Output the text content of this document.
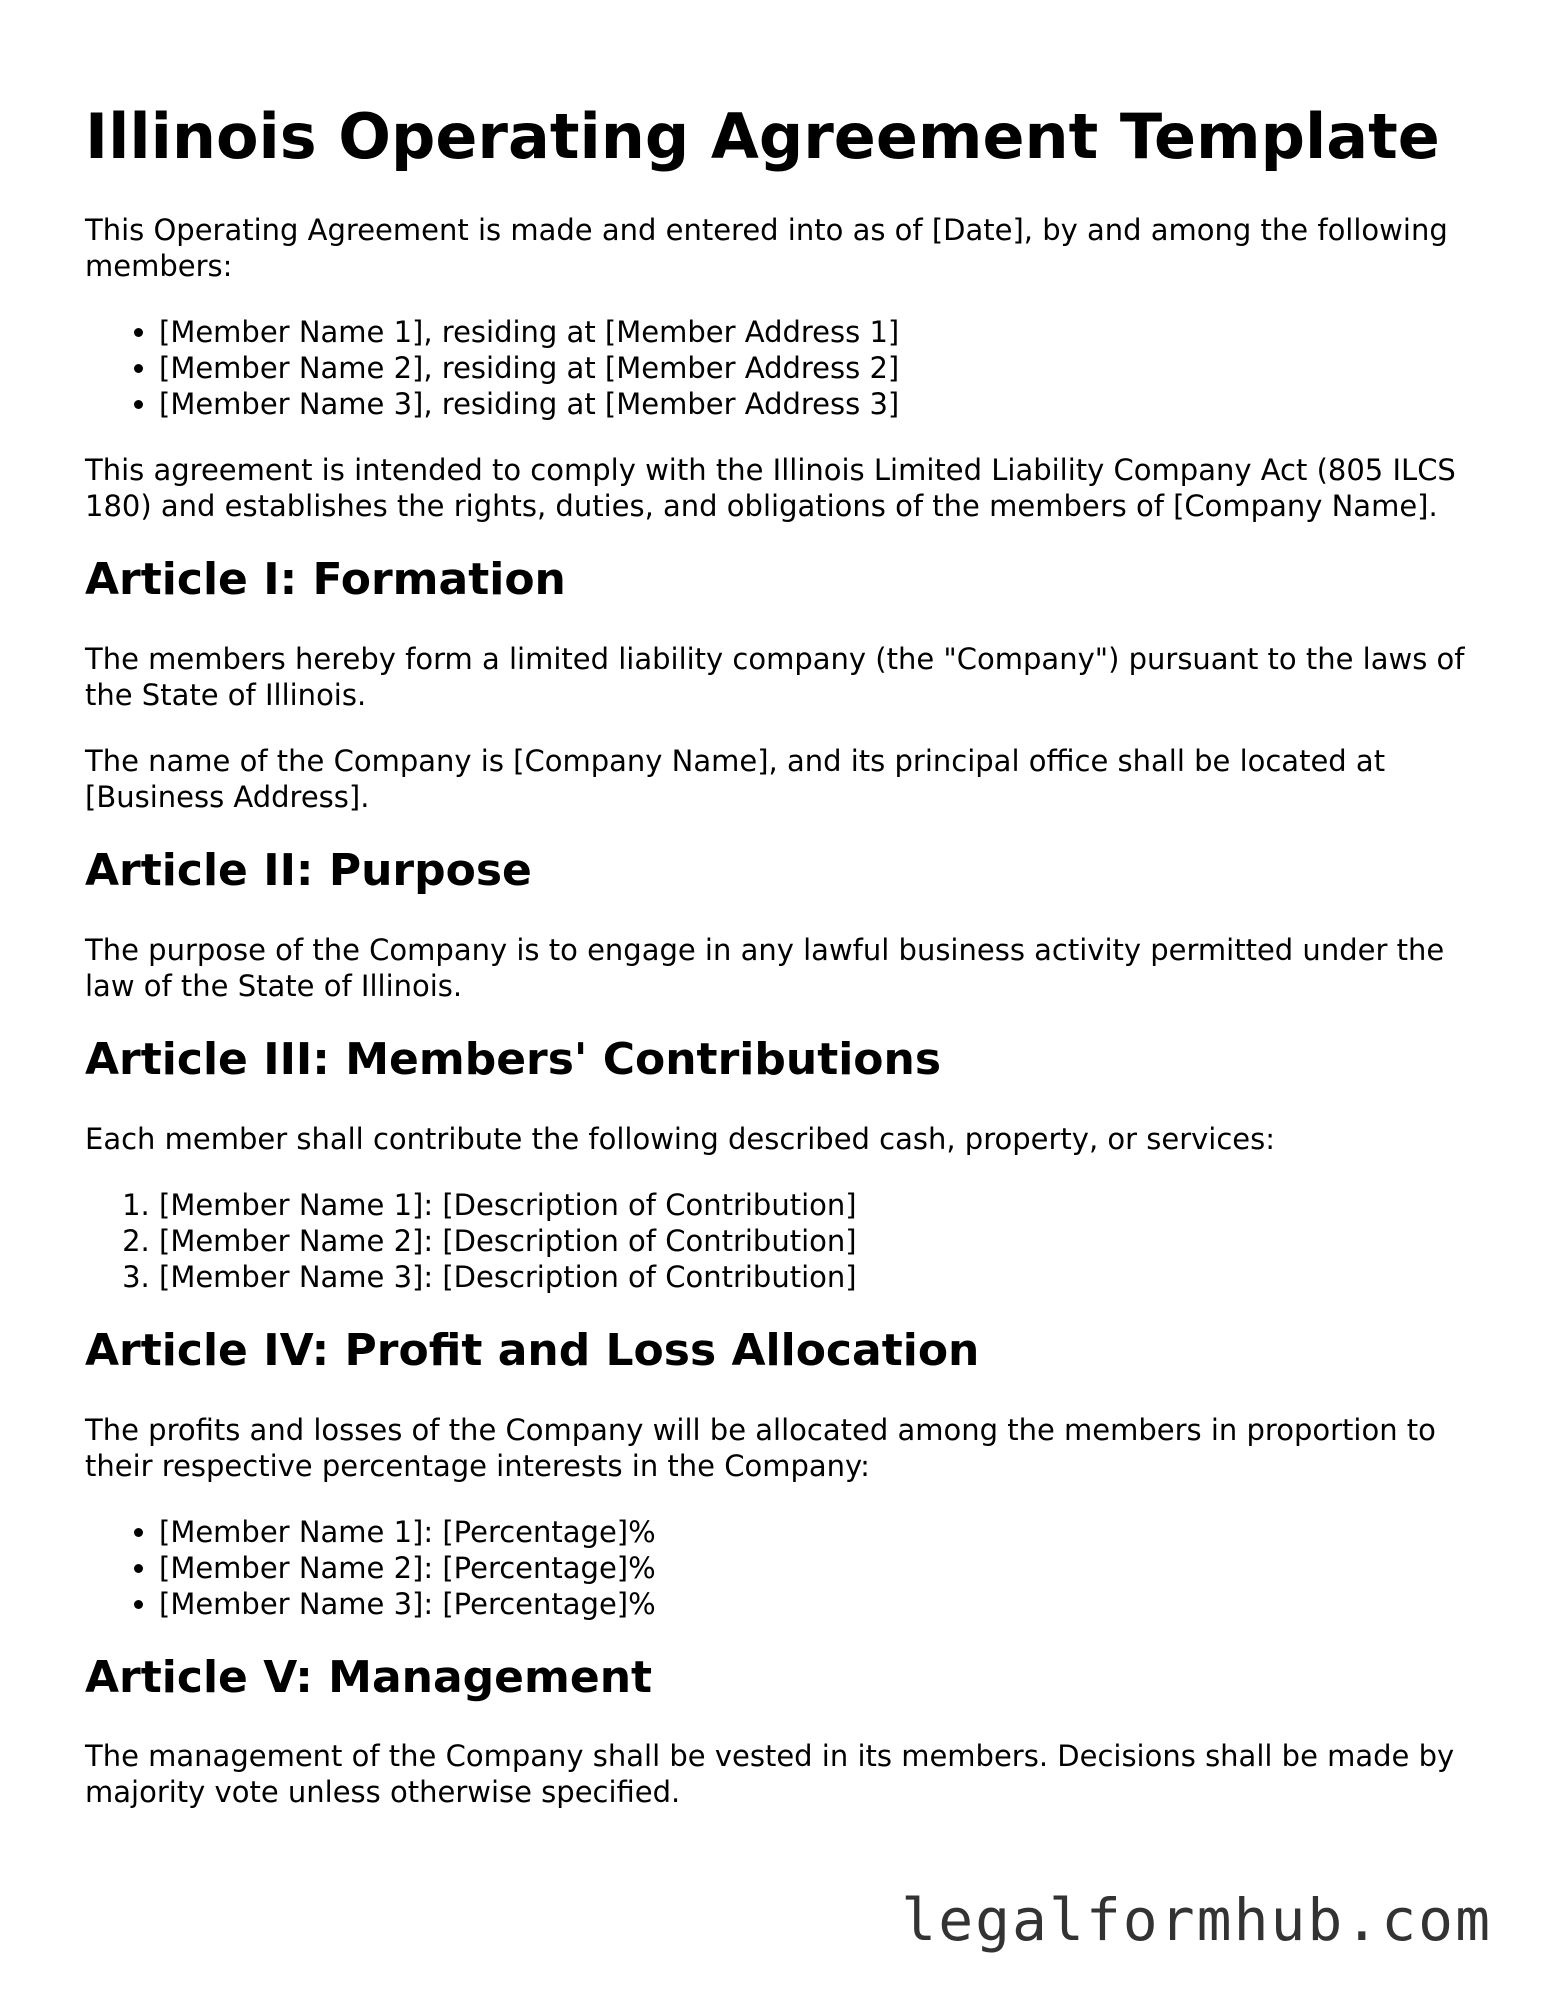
Illinois Operating Agreement Template

This Operating Agreement is made and entered into as of [Date], by and among the following members:

• [Member Name 1], residing at [Member Address 1]
• [Member Name 2], residing at [Member Address 2]
• [Member Name 3], residing at [Member Address 3]

This agreement is intended to comply with the Illinois Limited Liability Company Act (805 ILCS 180) and establishes the rights, duties, and obligations of the members of [Company Name].

Article I: Formation

The members hereby form a limited liability company (the "Company") pursuant to the laws of the State of Illinois.

The name of the Company is [Company Name], and its principal office shall be located at [Business Address].

Article II: Purpose

The purpose of the Company is to engage in any lawful business activity permitted under the law of the State of Illinois.

Article III: Members' Contributions

Each member shall contribute the following described cash, property, or services:

1. [Member Name 1]: [Description of Contribution]
2. [Member Name 2]: [Description of Contribution]
3. [Member Name 3]: [Description of Contribution]
Article IV: Profit and Loss Allocation

The profits and losses of the Company will be allocated among the members in proportion to their respective percentage interests in the Company:

• [Member Name 1]: [Percentage]%
• [Member Name 2]: [Percentage]%
• [Member Name 3]: [Percentage]%
Article V: Management

The management of the Company shall be vested in its members. Decisions shall be made by majority vote unless otherwise specified.

legalformhub.com
